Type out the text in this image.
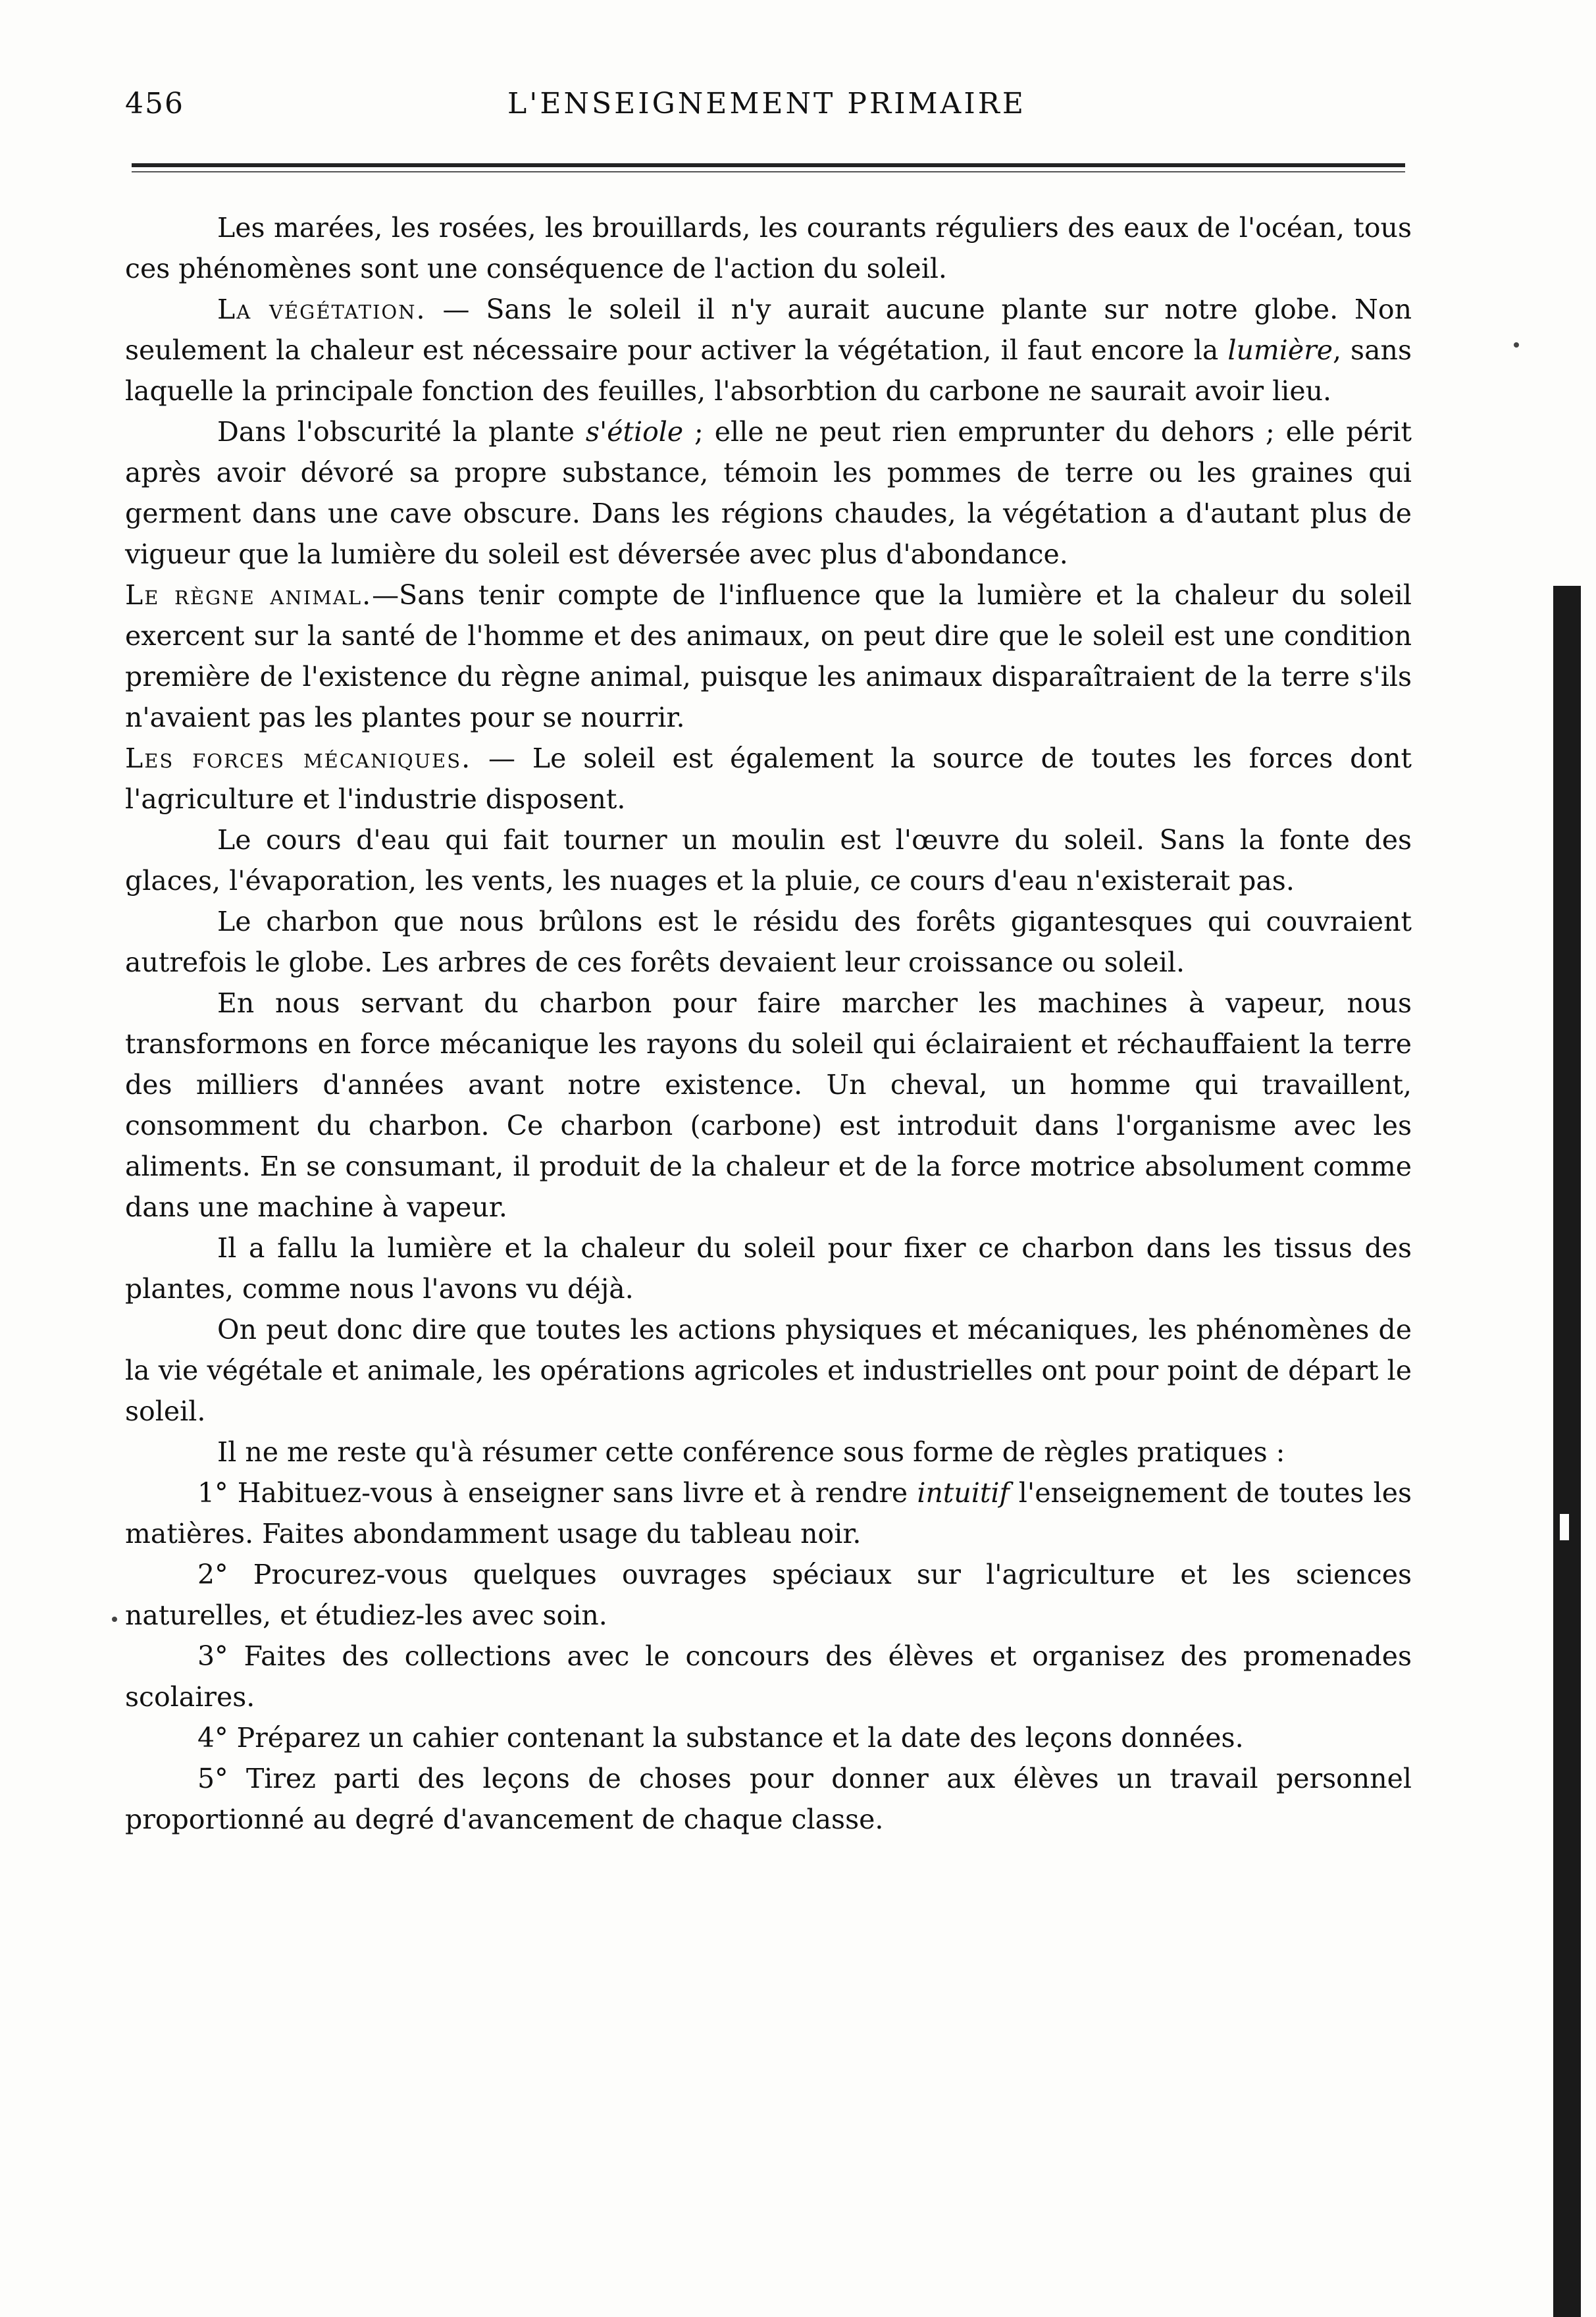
456	L'ENSEIGNEMENT PRIMAIRE

Les marées, les rosées, les brouillards, les courants réguliers des eaux de l'océan, tous ces phénomènes sont une conséquence de l'action du soleil.

La végétation. — Sans le soleil il n'y aurait aucune plante sur notre globe. Non seulement la chaleur est nécessaire pour activer la végétation, il faut encore la lumière, sans laquelle la principale fonction des feuilles, l'absorbtion du carbone ne saurait avoir lieu.

Dans l'obscurité la plante s'étiole ; elle ne peut rien emprunter du dehors ; elle périt après avoir dévoré sa propre substance, témoin les pommes de terre ou les graines qui germent dans une cave obscure. Dans les régions chaudes, la végétation a d'autant plus de vigueur que la lumière du soleil est déversée avec plus d'abondance.

Le règne animal.—Sans tenir compte de l'influence que la lumière et la chaleur du soleil exercent sur la santé de l'homme et des animaux, on peut dire que le soleil est une condition première de l'existence du règne animal, puisque les animaux disparaîtraient de la terre s'ils n'avaient pas les plantes pour se nourrir.

Les forces mécaniques. — Le soleil est également la source de toutes les forces dont l'agriculture et l'industrie disposent.

Le cours d'eau qui fait tourner un moulin est l'œuvre du soleil. Sans la fonte des glaces, l'évaporation, les vents, les nuages et la pluie, ce cours d'eau n'existerait pas.

Le charbon que nous brûlons est le résidu des forêts gigantesques qui couvraient autrefois le globe. Les arbres de ces forêts devaient leur croissance ou soleil.

En nous servant du charbon pour faire marcher les machines à vapeur, nous transformons en force mécanique les rayons du soleil qui éclairaient et réchauffaient la terre des milliers d'années avant notre existence. Un cheval, un homme qui travaillent, consomment du charbon. Ce charbon (carbone) est introduit dans l'organisme avec les aliments. En se consumant, il produit de la chaleur et de la force motrice absolument comme dans une machine à vapeur.

Il a fallu la lumière et la chaleur du soleil pour fixer ce charbon dans les tissus des plantes, comme nous l'avons vu déjà.

On peut donc dire que toutes les actions physiques et mécaniques, les phénomènes de la vie végétale et animale, les opérations agricoles et industrielles ont pour point de départ le soleil.

Il ne me reste qu'à résumer cette conférence sous forme de règles pratiques :

1° Habituez-vous à enseigner sans livre et à rendre intuitif l'enseignement de toutes les matières. Faites abondamment usage du tableau noir.

2° Procurez-vous quelques ouvrages spéciaux sur l'agriculture et les sciences naturelles, et étudiez-les avec soin.

3° Faites des collections avec le concours des élèves et organisez des promenades scolaires.

4° Préparez un cahier contenant la substance et la date des leçons données.

5° Tirez parti des leçons de choses pour donner aux élèves un travail personnel proportionné au degré d'avancement de chaque classe.
